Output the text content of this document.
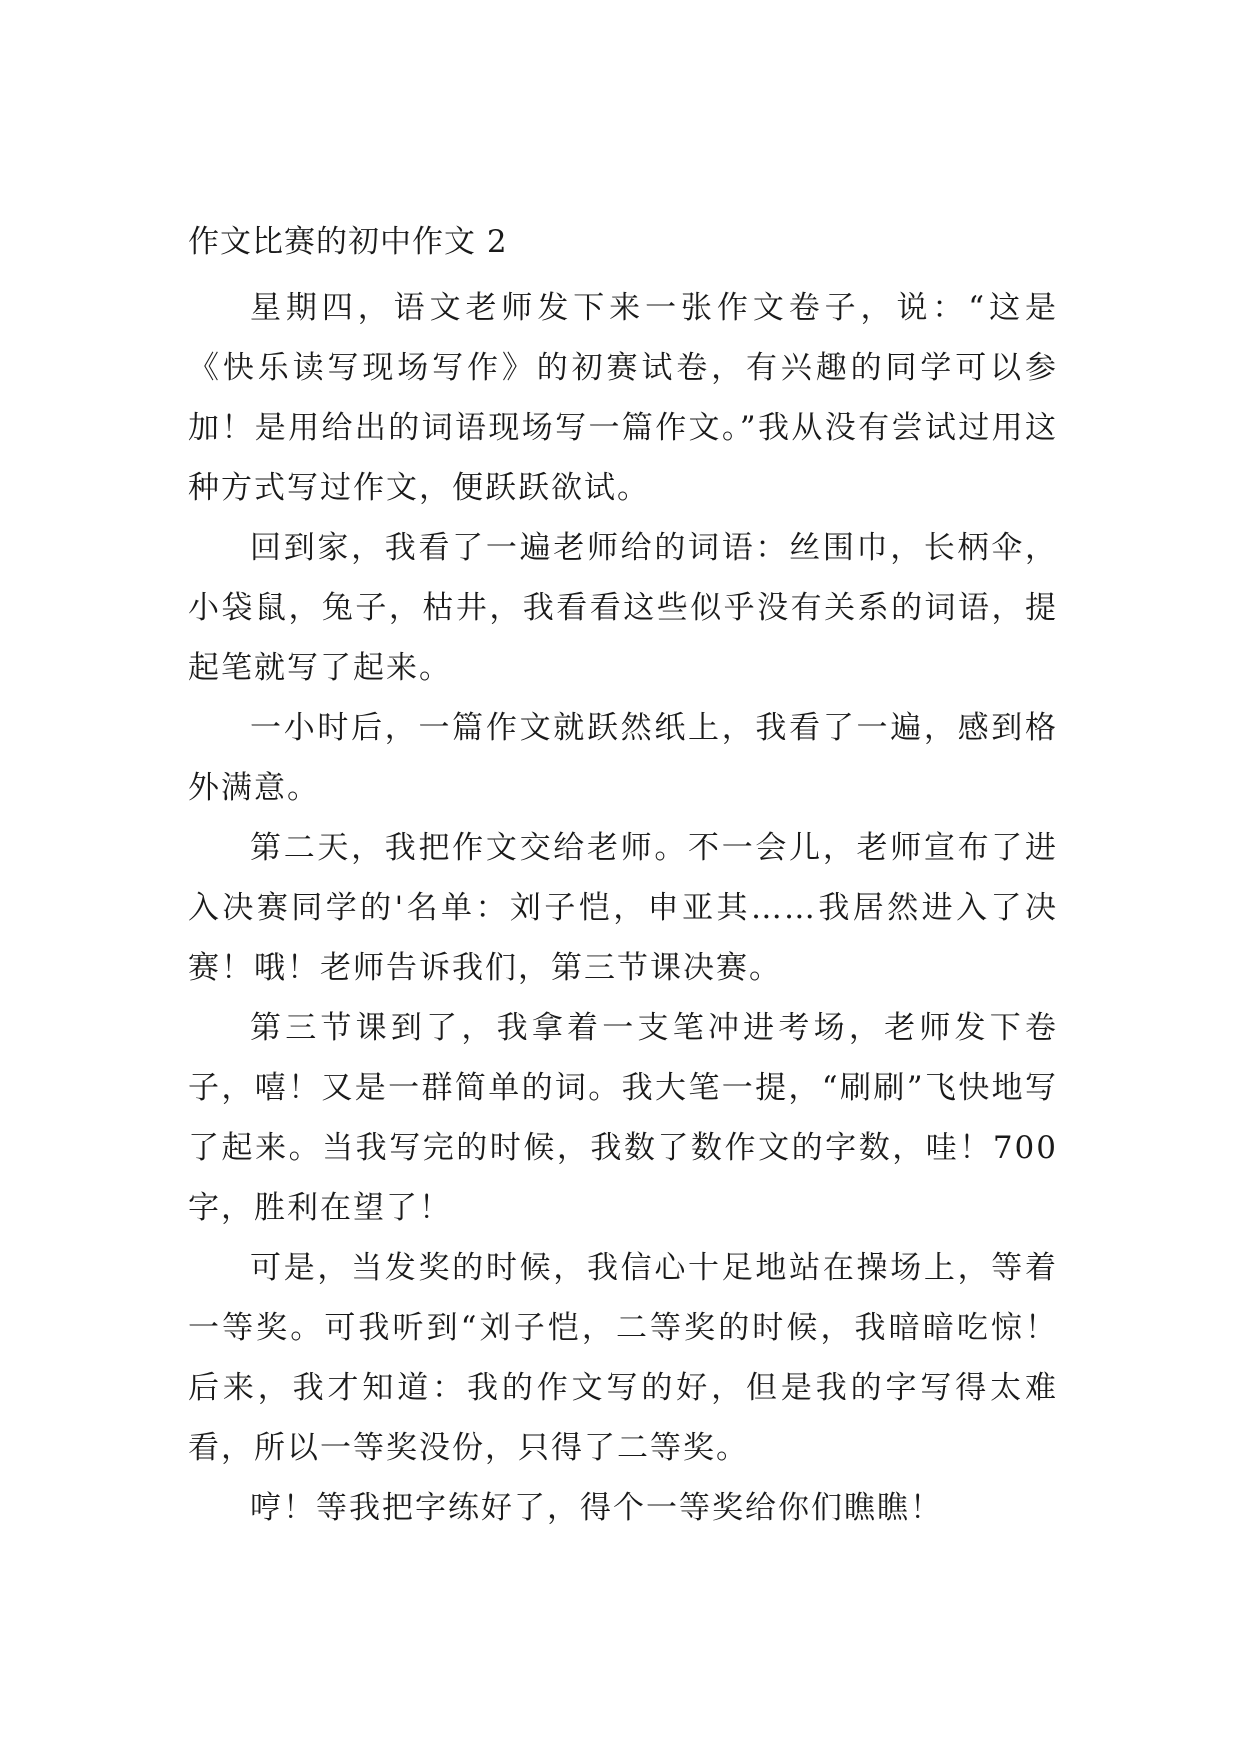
作文比赛的初中作文 2

星期四，语文老师发下来一张作文卷子，说：“这是《快乐读写现场写作》的初赛试卷，有兴趣的同学可以参加！是用给出的词语现场写一篇作文。”我从没有尝试过用这种方式写过作文，便跃跃欲试。

回到家，我看了一遍老师给的词语：丝围巾，长柄伞，小袋鼠，兔子，枯井，我看看这些似乎没有关系的词语，提起笔就写了起来。

一小时后，一篇作文就跃然纸上，我看了一遍，感到格外满意。

第二天，我把作文交给老师。不一会儿，老师宣布了进入决赛同学的'名单：刘子恺，申亚其……我居然进入了决赛！哦！老师告诉我们，第三节课决赛。

第三节课到了，我拿着一支笔冲进考场，老师发下卷子，嘻！又是一群简单的词。我大笔一提，“刷刷”飞快地写了起来。当我写完的时候，我数了数作文的字数，哇！700 字，胜利在望了！

可是，当发奖的时候，我信心十足地站在操场上，等着一等奖。可我听到“刘子恺，二等奖的时候，我暗暗吃惊！后来，我才知道：我的作文写的好，但是我的字写得太难看，所以一等奖没份，只得了二等奖。

哼！等我把字练好了，得个一等奖给你们瞧瞧！
